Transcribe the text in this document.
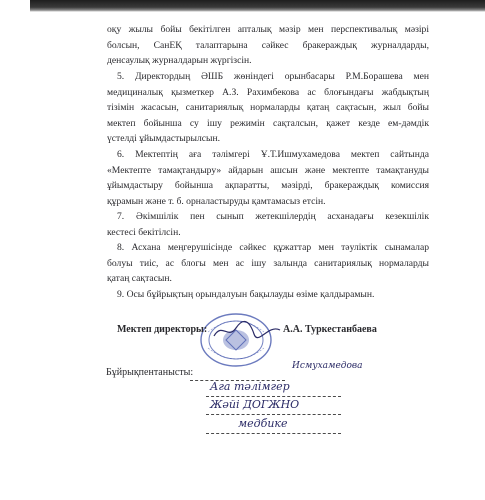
оқу жылы бойы бекітілген апталық мәзір мен перспективалық мәзірі
болсын, СанЕҚ талаптарына сәйкес бракераждық журналдарды,
денсаулық журналдарын жүргізсін.
5. Директордың ӘШБ жөніндегі орынбасары Р.М.Борашева мен
медициналық қызметкер А.З. Рахимбекова ас блоғындағы жабдықтың
тізімін жасасын, санитариялық нормаларды қатаң сақтасын, жыл бойы
мектеп бойынша су ішу режимін сақталсын, қажет кезде ем-дәмдік
үстелді ұйымдастырылсын.
6. Мектептің аға тәлімгері Ұ.Т.Ишмухамедова мектеп сайтында
«Мектепте тамақтандыру» айдарын ашсын және мектепте тамақтануды
ұйымдастыру бойынша ақпаратты, мәзірді, бракераждық комиссия
құрамын және т. б. орналастыруды қамтамасыз етсін.
7. Әкімшілік пен сынып жетекшілердің асханадағы кезекшілік
кестесі бекітілсін.
8. Асхана меңгерушісінде сәйкес құжаттар мен тәуліктік сынамалар
болуы тиіс, ас блогы мен ас ішу залында санитариялық нормаларды
қатаң сақтасын.
9. Осы бұйрықтың орындалуын бақылауды өзіме қалдырамын.
Мектеп директоры:	А.А. Туркестанбаева
Бұйрықпентанысты:
Исмухамедова
Ага тәлімгер
Жәйі ДОГЖНО
медбике
